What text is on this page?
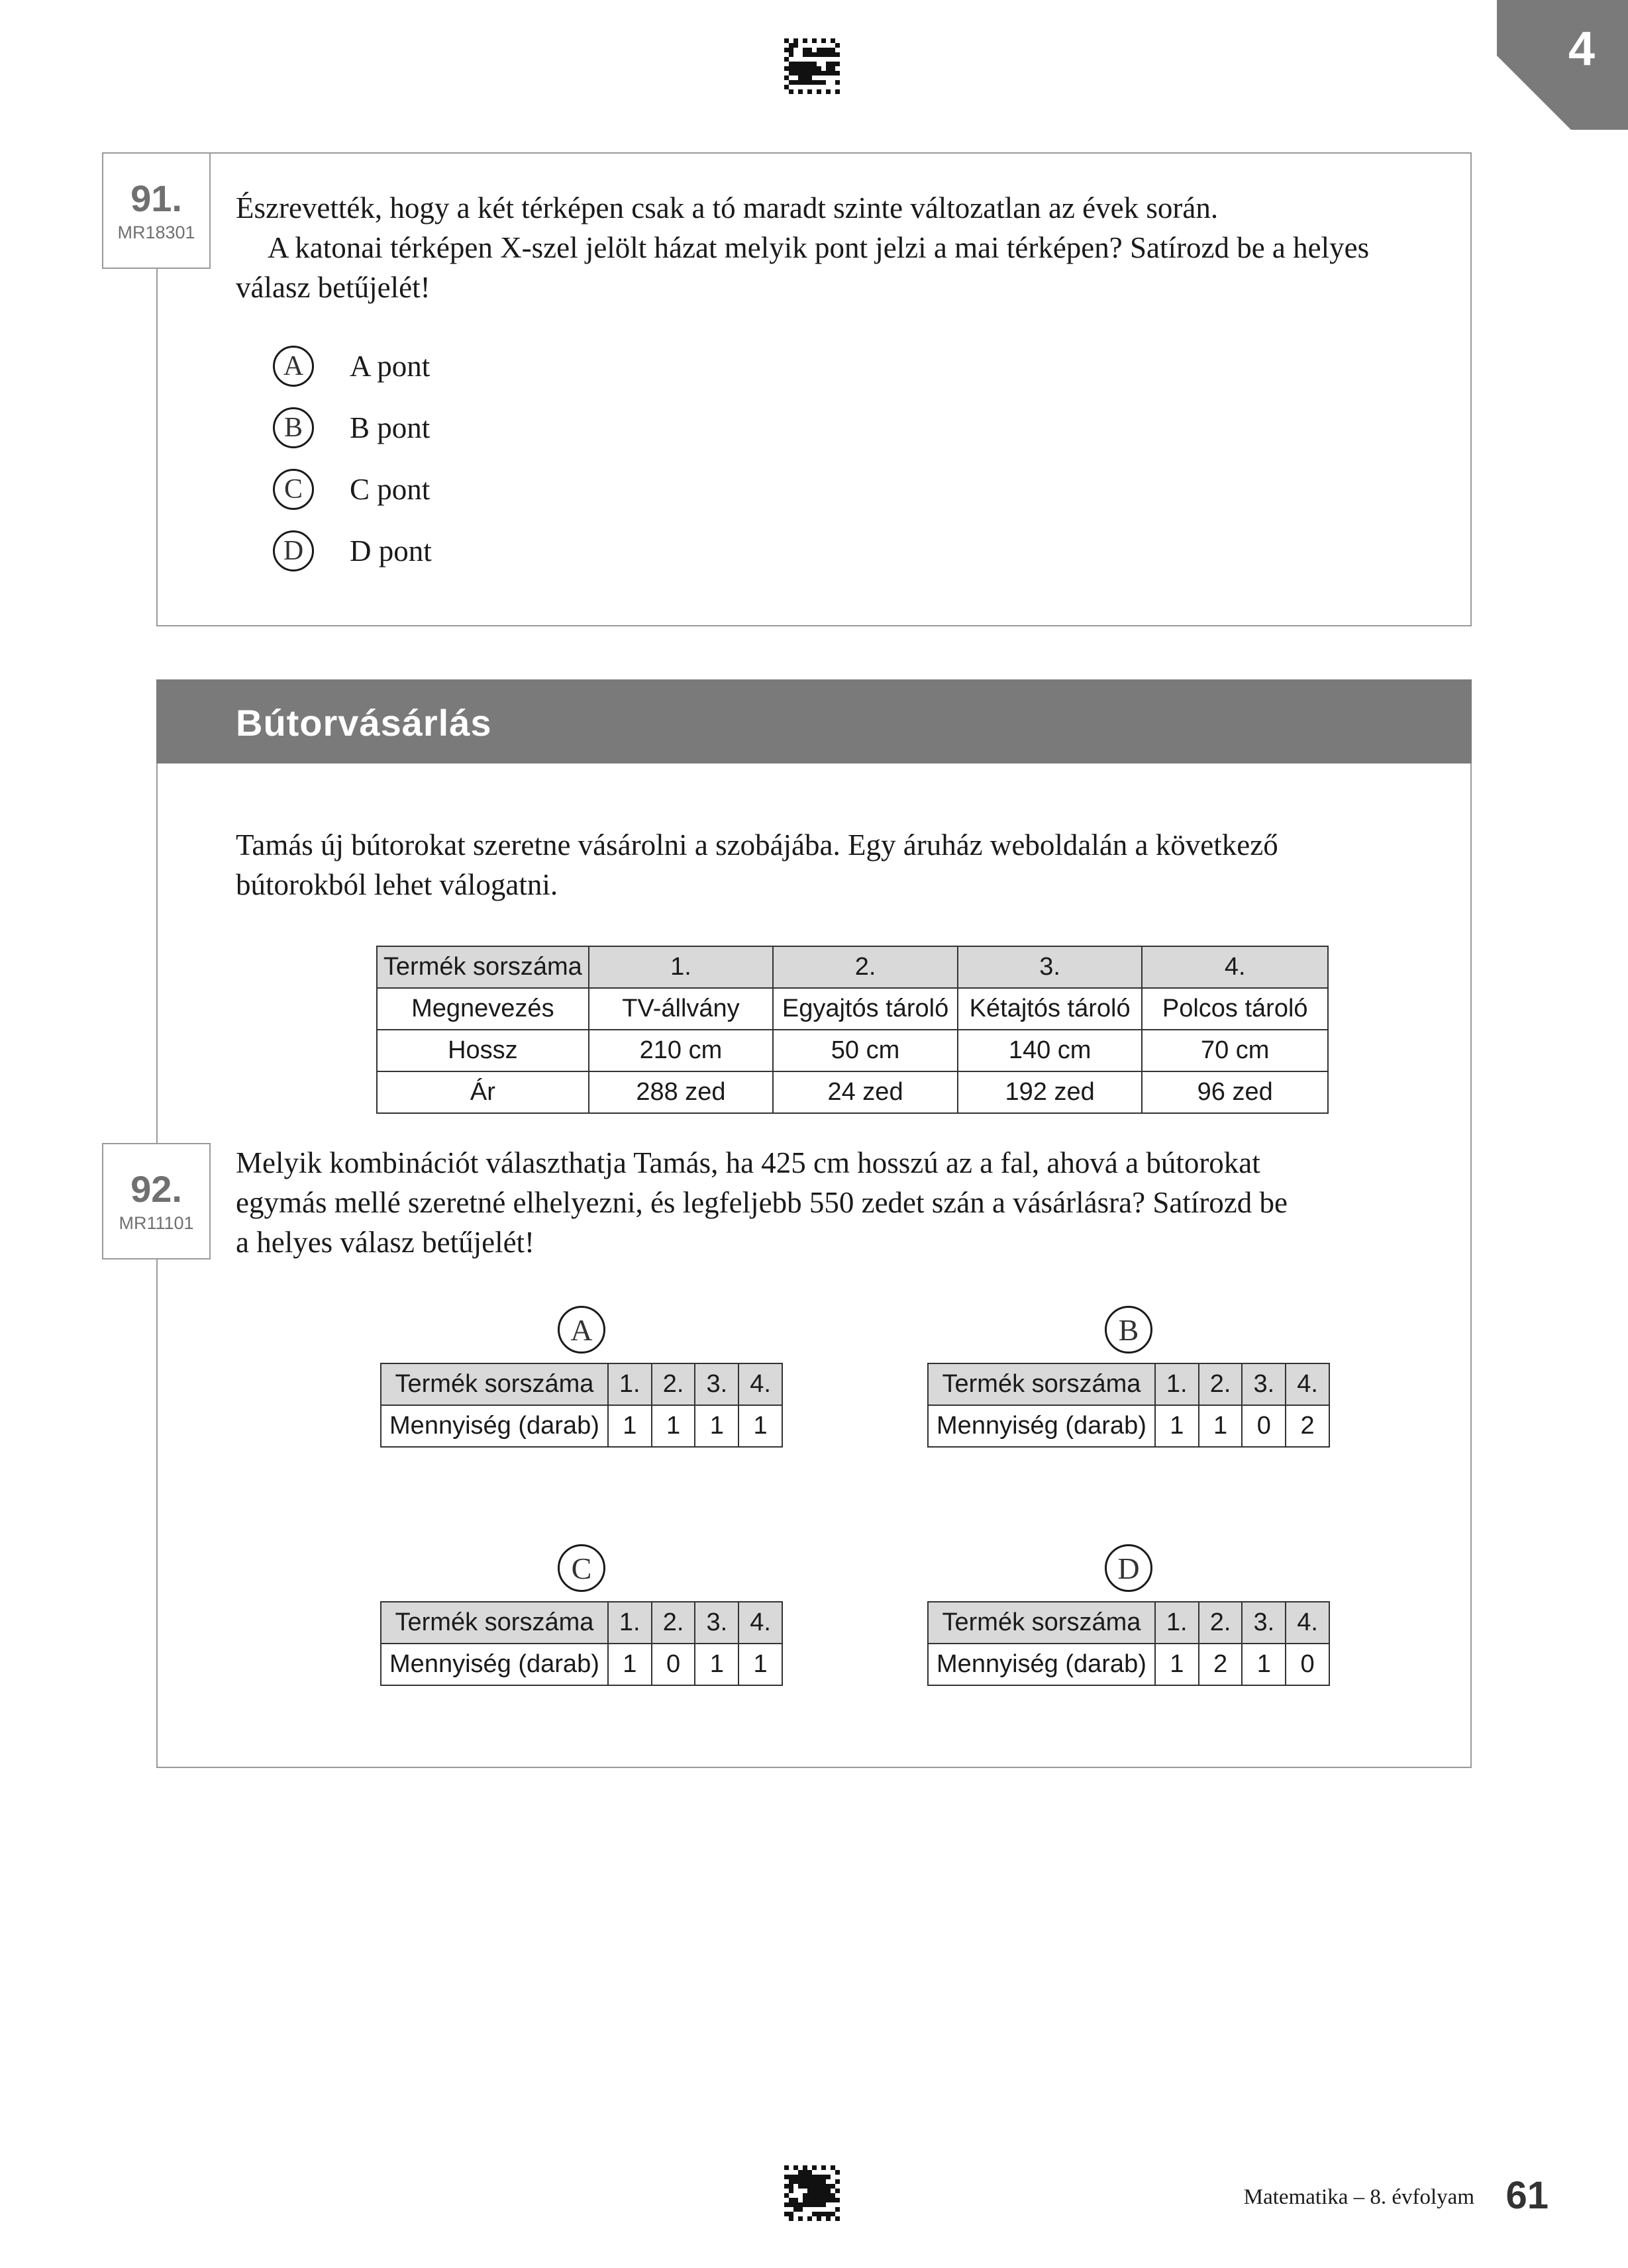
4
91.
MR18301
Észrevették, hogy a két térképen csak a tó maradt szinte változatlan az évek során.
A katonai térképen X-szel jelölt házat melyik pont jelzi a mai térképen? Satírozd be a helyes
válasz betűjelét!
A	A pont
B	B pont
C	C pont
D	D pont
Bútorvásárlás
Tamás új bútorokat szeretne vásárolni a szobájába. Egy áruház weboldalán a következő
bútorokból lehet válogatni.
Termék sorszáma	1.	2.	3.	4.
Megnevezés	TV-állvány	Egyajtós tároló	Kétajtós tároló	Polcos tároló
Hossz	210 cm	50 cm	140 cm	70 cm
Ár	288 zed	24 zed	192 zed	96 zed
92.
MR11101
Melyik kombinációt választhatja Tamás, ha 425 cm hosszú az a fal, ahová a bútorokat
egymás mellé szeretné elhelyezni, és legfeljebb 550 zedet szán a vásárlásra? Satírozd be
a helyes válasz betűjelét!
A
Termék sorszáma	1.	2.	3.	4.
Mennyiség (darab)	1	1	1	1
B
Termék sorszáma	1.	2.	3.	4.
Mennyiség (darab)	1	1	0	2
C
Termék sorszáma	1.	2.	3.	4.
Mennyiség (darab)	1	0	1	1
D
Termék sorszáma	1.	2.	3.	4.
Mennyiség (darab)	1	2	1	0
Matematika – 8. évfolyam 61
